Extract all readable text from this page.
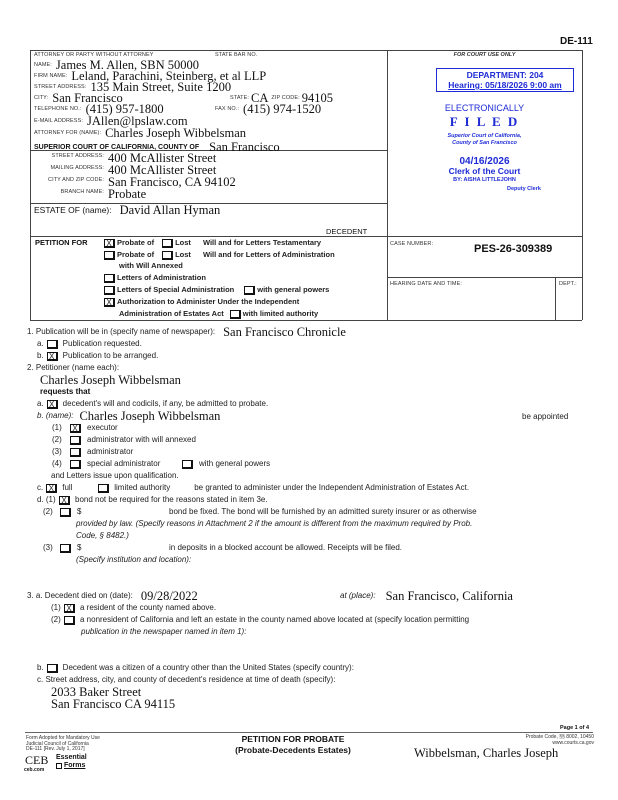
DE-111
ATTORNEY OR PARTY WITHOUT ATTORNEY	STATE BAR NO.
NAME: James M. Allen, SBN 50000
FIRM NAME: Leland, Parachini, Steinberg, et al LLP
STREET ADDRESS: 135 Main Street, Suite 1200
CITY: San Francisco	STATE: CA ZIP CODE: 94105
TELEPHONE NO.: (415) 957-1800	FAX NO.: (415) 974-1520
E-MAIL ADDRESS: JAllen@lpslaw.com
ATTORNEY FOR (NAME): Charles Joseph Wibbelsman
SUPERIOR COURT OF CALIFORNIA, COUNTY OF San Francisco
STREET ADDRESS: 400 McAllister Street
MAILING ADDRESS: 400 McAllister Street
CITY AND ZIP CODE: San Francisco, CA 94102
BRANCH NAME: Probate
ESTATE OF (name): David Allan Hyman
DECEDENT
FOR COURT USE ONLY
DEPARTMENT: 204
Hearing: 05/18/2026 9:00 am
ELECTRONICALLY
F I L E D
Superior Court of California,
County of San Francisco
04/16/2026
Clerk of the Court
BY: AISHA LITTLEJOHN
Deputy Clerk
CASE NUMBER:	PES-26-309389
HEARING DATE AND TIME:	DEPT.:
PETITION FOR X	Probate of	Lost Will and for Letters Testamentary
Probate of	Lost Will and for Letters of Administration
with Will Annexed
Letters of Administration
Letters of Special Administration	with general powers
X
Authorization to Administer Under the Independent
Administration of Estates Act	with limited authority
1. Publication will be in (specify name of newspaper): San Francisco Chronicle
a. Publication requested.
b. X Publication to be arranged.
2. Petitioner (name each):
Charles Joseph Wibbelsman
requests that
a. X decedent's will and codicils, if any, be admitted to probate.
b. (name): Charles Joseph Wibbelsman	be appointed
(1) X	executor
(2)	administrator with will annexed
(3)	administrator
(4)	special administrator	with general powers
and Letters issue upon qualification.
c. X full	limited authority	be granted to administer under the Independent Administration of Estates Act.
d. (1) X	bond not be required for the reasons stated in item 3e.
(2)	$	bond be fixed. The bond will be furnished by an admitted surety insurer or as otherwise
provided by law. (Specify reasons in Attachment 2 if the amount is different from the maximum required by Prob.
Code, § 8482.)
(3)	$	in deposits in a blocked account be allowed. Receipts will be filed.
(Specify institution and location):
3. a. Decedent died on (date): 09/28/2022	at (place): San Francisco, California
(1) X	a resident of the county named above.
(2)	a nonresident of California and left an estate in the county named above located at (specify location permitting
publication in the newspaper named in item 1):
b. Decedent was a citizen of a country other than the United States (specify country):
c. Street address, city, and county of decedent's residence at time of death (specify):
2033 Baker Street
San Francisco CA 94115
Page 1 of 4
Form Adopted for Mandatory Use
Judicial Council of California
DE-111 [Rev. July 1, 2017]
CEB
ceb.com
Essential
Forms
PETITION FOR PROBATE
(Probate-Decedents Estates)
Probate Code, §§ 8002, 10450
www.courts.ca.gov
Wibbelsman, Charles Joseph
